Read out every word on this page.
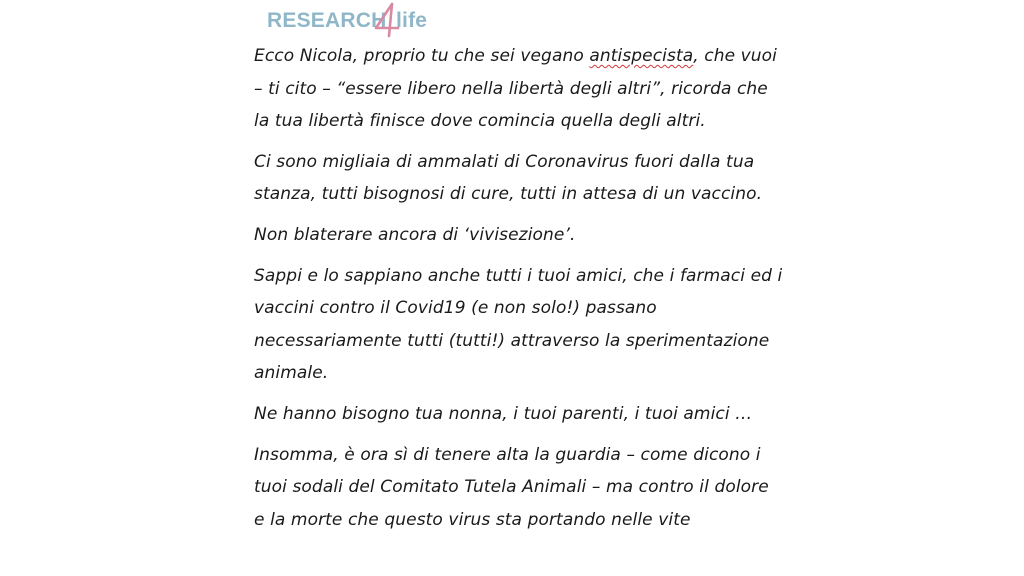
RESEARCH
4
life

Ecco Nicola, proprio tu che sei vegano antispecista, che vuoi – ti cito – “essere libero nella libertà degli altri”, ricorda che la tua libertà finisce dove comincia quella degli altri.

Ci sono migliaia di ammalati di Coronavirus fuori dalla tua stanza, tutti bisognosi di cure, tutti in attesa di un vaccino.

Non blaterare ancora di ‘vivisezione’.

Sappi e lo sappiano anche tutti i tuoi amici, che i farmaci ed i vaccini contro il Covid19 (e non solo!) passano necessariamente tutti (tutti!) attraverso la sperimentazione animale.

Ne hanno bisogno tua nonna, i tuoi parenti, i tuoi amici …

Insomma, è ora sì di tenere alta la guardia – come dicono i tuoi sodali del Comitato Tutela Animali – ma contro il dolore e la morte che questo virus sta portando nelle vite
